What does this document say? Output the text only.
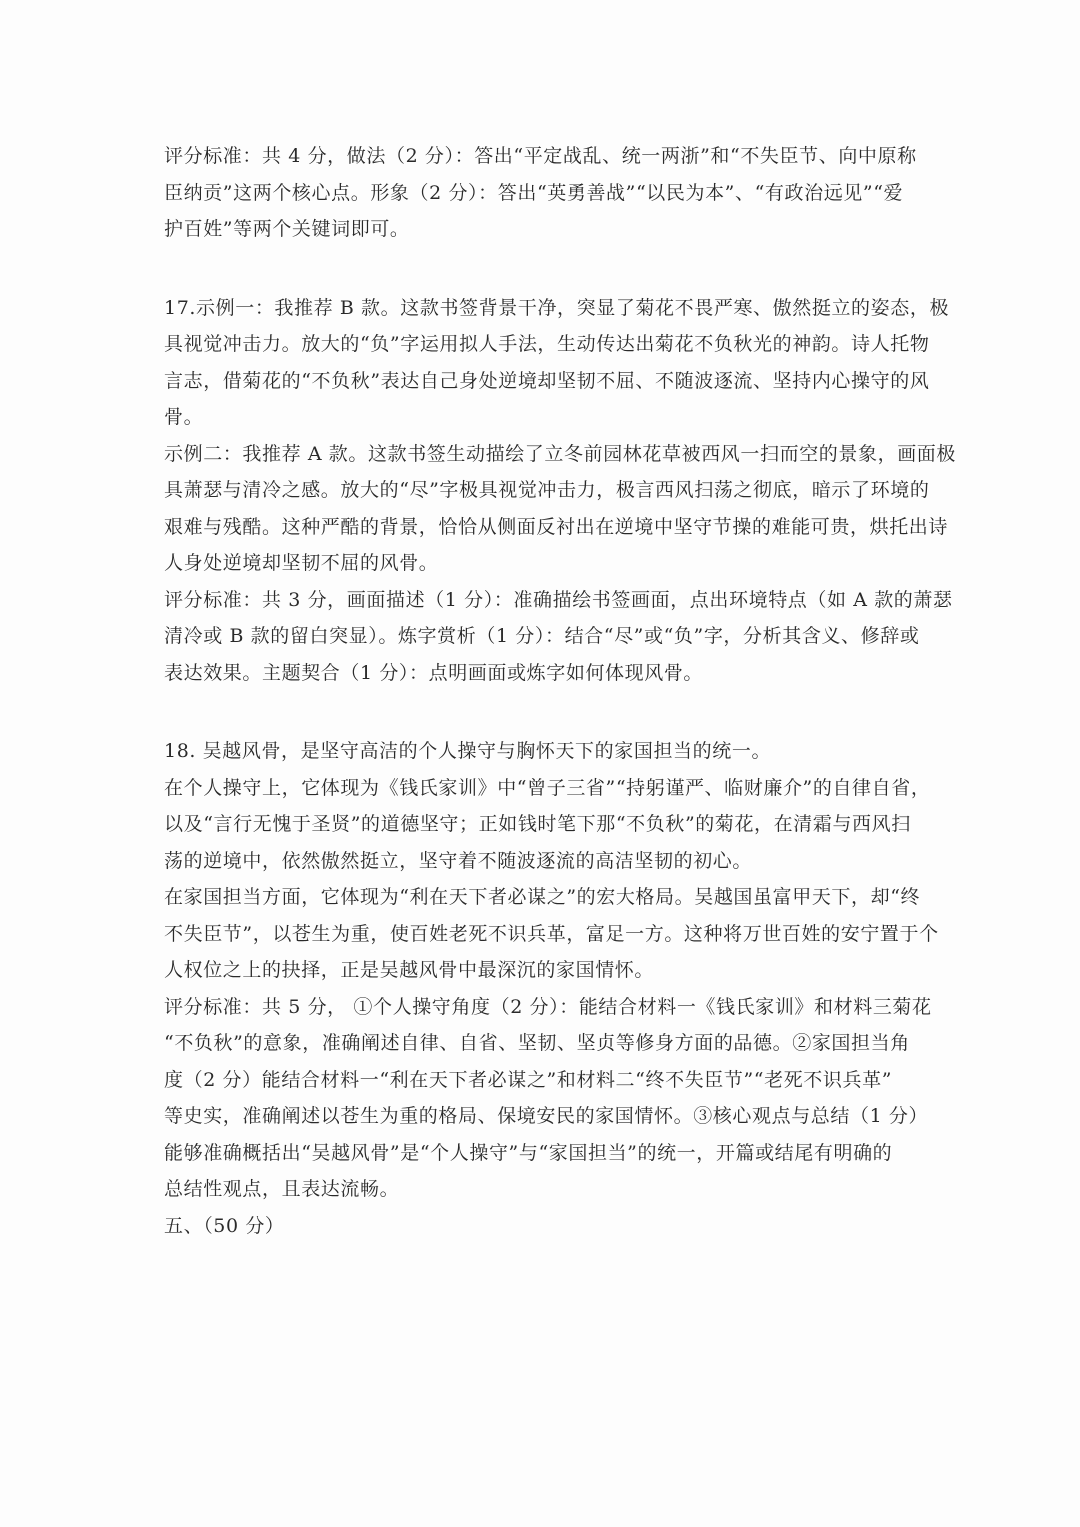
评分标准：共 4 分，做法（2 分）：答出“平定战乱、统一两浙”和“不失臣节、向中原称
臣纳贡”这两个核心点。形象（2 分）：答出“英勇善战”“以民为本”、“有政治远见”“爱
护百姓”等两个关键词即可。
17.示例一：我推荐 B 款。这款书签背景干净，突显了菊花不畏严寒、傲然挺立的姿态，极
具视觉冲击力。放大的“负”字运用拟人手法，生动传达出菊花不负秋光的神韵。诗人托物
言志，借菊花的“不负秋”表达自己身处逆境却坚韧不屈、不随波逐流、坚持内心操守的风
骨。
示例二：我推荐 A 款。这款书签生动描绘了立冬前园林花草被西风一扫而空的景象，画面极
具萧瑟与清冷之感。放大的“尽”字极具视觉冲击力，极言西风扫荡之彻底，暗示了环境的
艰难与残酷。这种严酷的背景，恰恰从侧面反衬出在逆境中坚守节操的难能可贵，烘托出诗
人身处逆境却坚韧不屈的风骨。
评分标准：共 3 分，画面描述（1 分）：准确描绘书签画面，点出环境特点（如 A 款的萧瑟
清冷或 B 款的留白突显）。炼字赏析（1 分）：结合“尽”或“负”字，分析其含义、修辞或
表达效果。主题契合（1 分）：点明画面或炼字如何体现风骨。
18. 吴越风骨，是坚守高洁的个人操守与胸怀天下的家国担当的统一。
在个人操守上，它体现为《钱氏家训》中“曾子三省”“持躬谨严、临财廉介”的自律自省，
以及“言行无愧于圣贤”的道德坚守；正如钱时笔下那“不负秋”的菊花，在清霜与西风扫
荡的逆境中，依然傲然挺立，坚守着不随波逐流的高洁坚韧的初心。
在家国担当方面，它体现为“利在天下者必谋之”的宏大格局。吴越国虽富甲天下，却“终
不失臣节”，以苍生为重，使百姓老死不识兵革，富足一方。这种将万世百姓的安宁置于个
人权位之上的抉择，正是吴越风骨中最深沉的家国情怀。
评分标准：共 5 分， ①个人操守角度（2 分）：能结合材料一《钱氏家训》和材料三菊花
“不负秋”的意象，准确阐述自律、自省、坚韧、坚贞等修身方面的品德。②家国担当角
度（2 分）能结合材料一“利在天下者必谋之”和材料二“终不失臣节”“老死不识兵革”
等史实，准确阐述以苍生为重的格局、保境安民的家国情怀。③核心观点与总结（1 分）
能够准确概括出“吴越风骨”是“个人操守”与“家国担当”的统一，开篇或结尾有明确的
总结性观点，且表达流畅。
五、（50 分）
